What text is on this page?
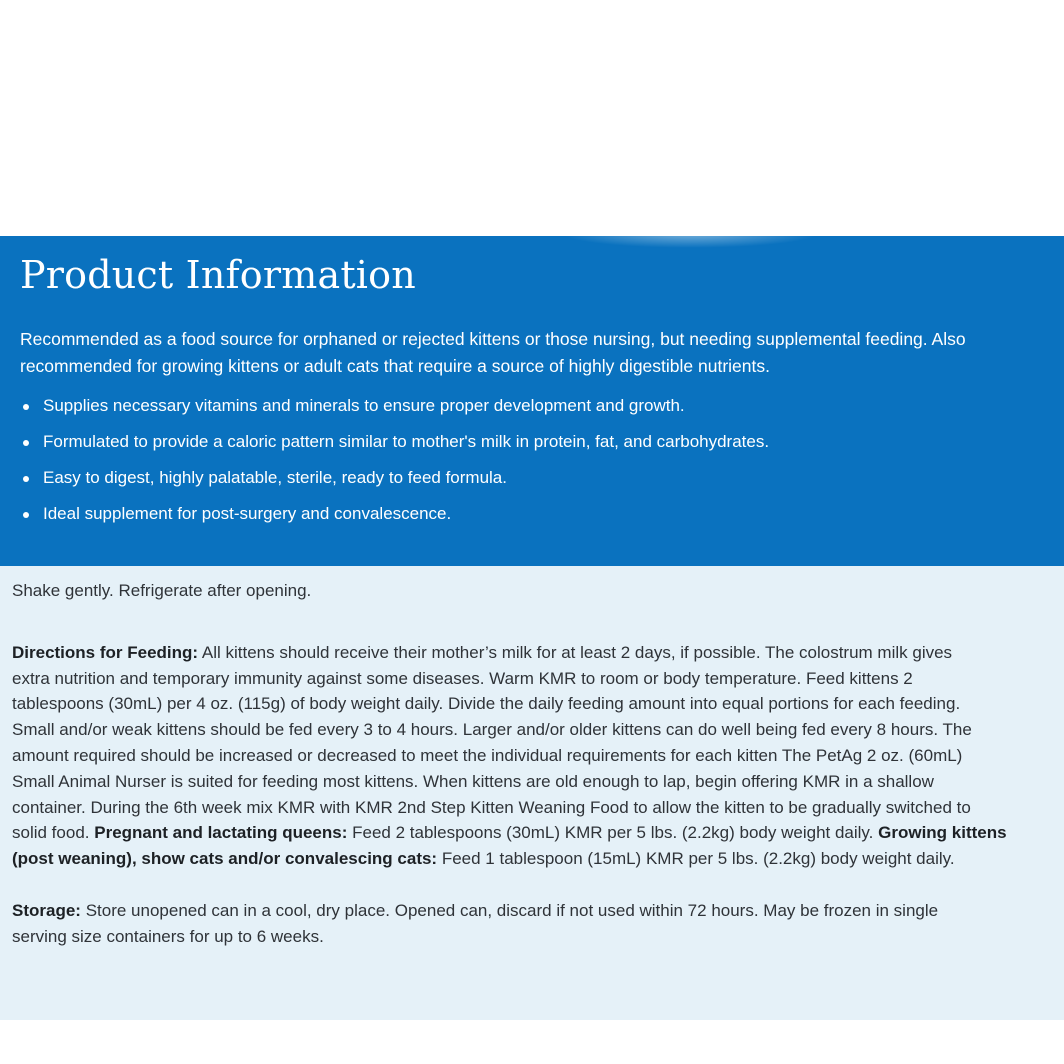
Product Information

Recommended as a food source for orphaned or rejected kittens or those nursing, but needing supplemental feeding. Also
recommended for growing kittens or adult cats that require a source of highly digestible nutrients.

Supplies necessary vitamins and minerals to ensure proper development and growth.
Formulated to provide a caloric pattern similar to mother's milk in protein, fat, and carbohydrates.
Easy to digest, highly palatable, sterile, ready to feed formula.
Ideal supplement for post-surgery and convalescence.

Shake gently. Refrigerate after opening.

Directions for Feeding: All kittens should receive their mother’s milk for at least 2 days, if possible. The colostrum milk gives
extra nutrition and temporary immunity against some diseases. Warm KMR to room or body temperature. Feed kittens 2
tablespoons (30mL) per 4 oz. (115g) of body weight daily. Divide the daily feeding amount into equal portions for each feeding.
Small and/or weak kittens should be fed every 3 to 4 hours. Larger and/or older kittens can do well being fed every 8 hours. The
amount required should be increased or decreased to meet the individual requirements for each kitten The PetAg 2 oz. (60mL)
Small Animal Nurser is suited for feeding most kittens. When kittens are old enough to lap, begin offering KMR in a shallow
container. During the 6th week mix KMR with KMR 2nd Step Kitten Weaning Food to allow the kitten to be gradually switched to
solid food. Pregnant and lactating queens: Feed 2 tablespoons (30mL) KMR per 5 lbs. (2.2kg) body weight daily. Growing kittens
(post weaning), show cats and/or convalescing cats: Feed 1 tablespoon (15mL) KMR per 5 lbs. (2.2kg) body weight daily.

Storage: Store unopened can in a cool, dry place. Opened can, discard if not used within 72 hours. May be frozen in single
serving size containers for up to 6 weeks.
